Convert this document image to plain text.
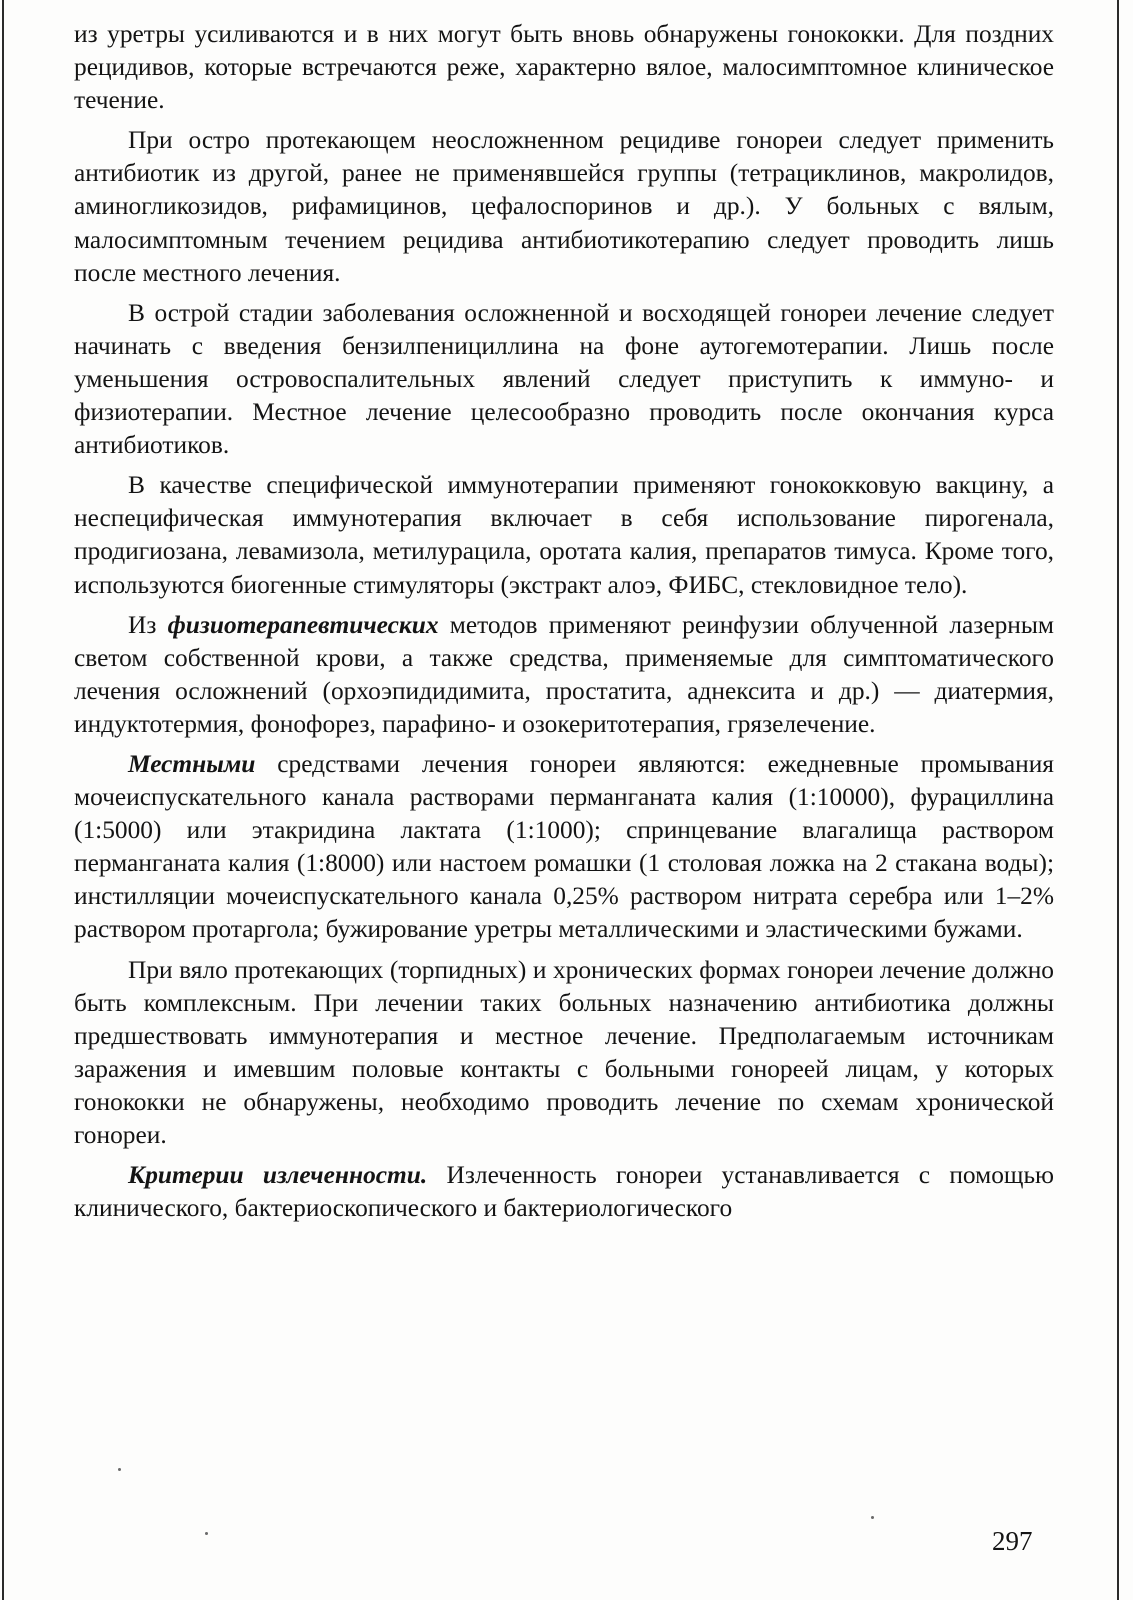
из уретры усиливаются и в них могут быть вновь обнаружены гонококки. Для поздних рецидивов, которые встречаются реже, характерно вялое, малосимптомное клиническое течение.

При остро протекающем неосложненном рецидиве гонореи следует применить антибиотик из другой, ранее не применявшейся группы (тетрациклинов, макролидов, аминогликозидов, рифамицинов, цефалоспоринов и др.). У больных с вялым, малосимптомным течением рецидива антибиотикотерапию следует проводить лишь после местного лечения.

В острой стадии заболевания осложненной и восходящей гонореи лечение следует начинать с введения бензилпенициллина на фоне аутогемотерапии. Лишь после уменьшения островоспалительных явлений следует приступить к иммуно- и физиотерапии. Местное лечение целесообразно проводить после окончания курса антибиотиков.

В качестве специфической иммунотерапии применяют гонококковую вакцину, а неспецифическая иммунотерапия включает в себя использование пирогенала, продигиозана, левамизола, метилурацила, оротата калия, препаратов тимуса. Кроме того, используются биогенные стимуляторы (экстракт алоэ, ФИБС, стекловидное тело).

Из физиотерапевтических методов применяют реинфузии облученной лазерным светом собственной крови, а также средства, применяемые для симптоматического лечения осложнений (орхоэпидидимита, простатита, аднексита и др.) — диатермия, индуктотермия, фонофорез, парафино- и озокеритотерапия, грязелечение.

Местными средствами лечения гонореи являются: ежедневные промывания мочеиспускательного канала растворами перманганата калия (1:10000), фурациллина (1:5000) или этакридина лактата (1:1000); спринцевание влагалища раствором перманганата калия (1:8000) или настоем ромашки (1 столовая ложка на 2 стакана воды); инстилляции мочеиспускательного канала 0,25% раствором нитрата серебра или 1–2% раствором протаргола; бужирование уретры металлическими и эластическими бужами.

При вяло протекающих (торпидных) и хронических формах гонореи лечение должно быть комплексным. При лечении таких больных назначению антибиотика должны предшествовать иммунотерапия и местное лечение. Предполагаемым источникам заражения и имевшим половые контакты с больными гонореей лицам, у которых гонококки не обнаружены, необходимо проводить лечение по схемам хронической гонореи.

Критерии излеченности. Излеченность гонореи устанавливается с помощью клинического, бактериоскопического и бактериологического

297
